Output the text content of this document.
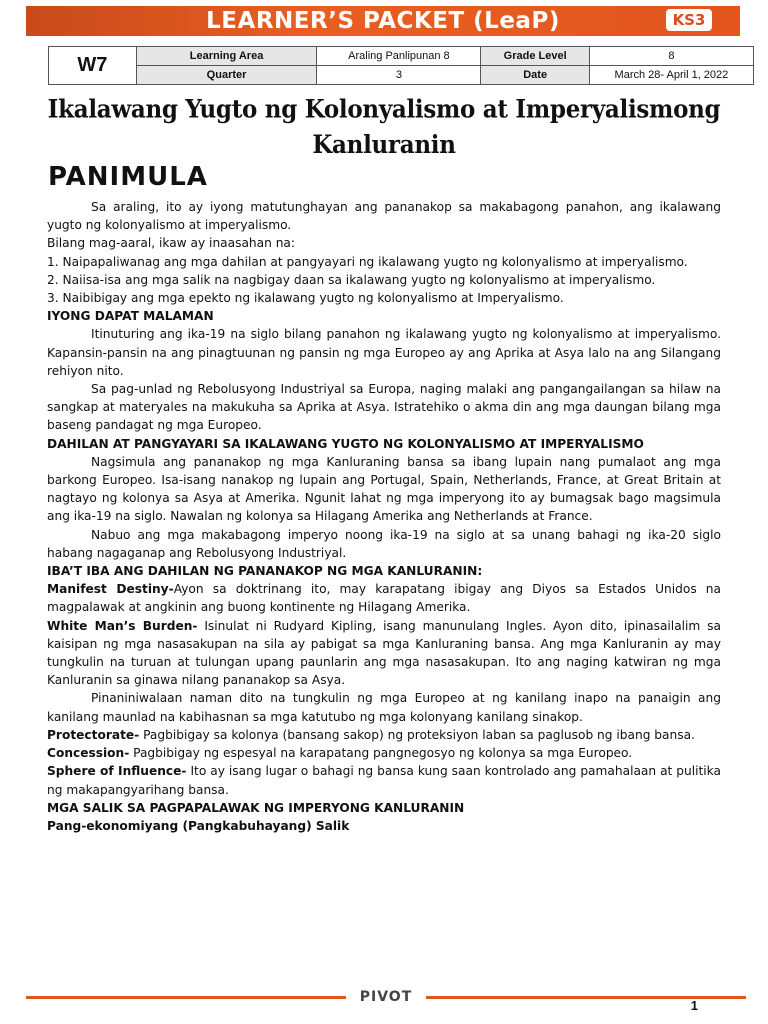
LEARNER’S PACKET (LeaP)	KS3
W7	Learning Area	Araling Panlipunan 8	Grade Level	8
	Quarter	3	Date	March 28- April 1, 2022
Ikalawang Yugto ng Kolonyalismo at Imperyalismong Kanluranin
PANIMULA

Sa araling, ito ay iyong matutunghayan ang pananakop sa makabagong panahon, ang ikalawang yugto ng kolonyalismo at imperyalismo.

Bilang mag-aaral, ikaw ay inaasahan na:

1. Naipapaliwanag ang mga dahilan at pangyayari ng ikalawang yugto ng kolonyalismo at imperyalismo.

2. Naiisa-isa ang mga salik na nagbigay daan sa ikalawang yugto ng kolonyalismo at imperyalismo.

3. Naibibigay ang mga epekto ng ikalawang yugto ng kolonyalismo at Imperyalismo.

IYONG DAPAT MALAMAN

Itinuturing ang ika-19 na siglo bilang panahon ng ikalawang yugto ng kolonyalismo at imperyalismo. Kapansin-pansin na ang pinagtuunan ng pansin ng mga Europeo ay ang Aprika at Asya lalo na ang Silangang rehiyon nito.

Sa pag-unlad ng Rebolusyong Industriyal sa Europa, naging malaki ang pangangailangan sa hilaw na sangkap at materyales na makukuha sa Aprika at Asya. Istratehiko o akma din ang mga daungan bilang mga baseng pandagat ng mga Europeo.

DAHILAN AT PANGYAYARI SA IKALAWANG YUGTO NG KOLONYALISMO AT IMPERYALISMO

Nagsimula ang pananakop ng mga Kanluraning bansa sa ibang lupain nang pumalaot ang mga barkong Europeo. Isa-isang nanakop ng lupain ang Portugal, Spain, Netherlands, France, at Great Britain at nagtayo ng kolonya sa Asya at Amerika. Ngunit lahat ng mga imperyong ito ay bumagsak bago magsimula ang ika-19 na siglo. Nawalan ng kolonya sa Hilagang Amerika ang Netherlands at France.

Nabuo ang mga makabagong imperyo noong ika-19 na siglo at sa unang bahagi ng ika-20 siglo habang nagaganap ang Rebolusyong Industriyal.

IBA’T IBA ANG DAHILAN NG PANANAKOP NG MGA KANLURANIN:

Manifest Destiny-Ayon sa doktrinang ito, may karapatang ibigay ang Diyos sa Estados Unidos na magpalawak at angkinin ang buong kontinente ng Hilagang Amerika.

White Man’s Burden- Isinulat ni Rudyard Kipling, isang manunulang Ingles. Ayon dito, ipinasailalim sa kaisipan ng mga nasasakupan na sila ay pabigat sa mga Kanluraning bansa. Ang mga Kanluranin ay may tungkulin na turuan at tulungan upang paunlarin ang mga nasasakupan. Ito ang naging katwiran ng mga Kanluranin sa ginawa nilang pananakop sa Asya.

Pinaniniwalaan naman dito na tungkulin ng mga Europeo at ng kanilang inapo na panaigin ang kanilang maunlad na kabihasnan sa mga katutubo ng mga kolonyang kanilang sinakop.

Protectorate- Pagbibigay sa kolonya (bansang sakop) ng proteksiyon laban sa paglusob ng ibang bansa.

Concession- Pagbibigay ng espesyal na karapatang pangnegosyo ng kolonya sa mga Europeo.

Sphere of Influence- Ito ay isang lugar o bahagi ng bansa kung saan kontrolado ang pamahalaan at pulitika ng makapangyarihang bansa.

MGA SALIK SA PAGPAPALAWAK NG IMPERYONG KANLURANIN

Pang-ekonomiyang (Pangkabuhayang) Salik

PIVOT
1
